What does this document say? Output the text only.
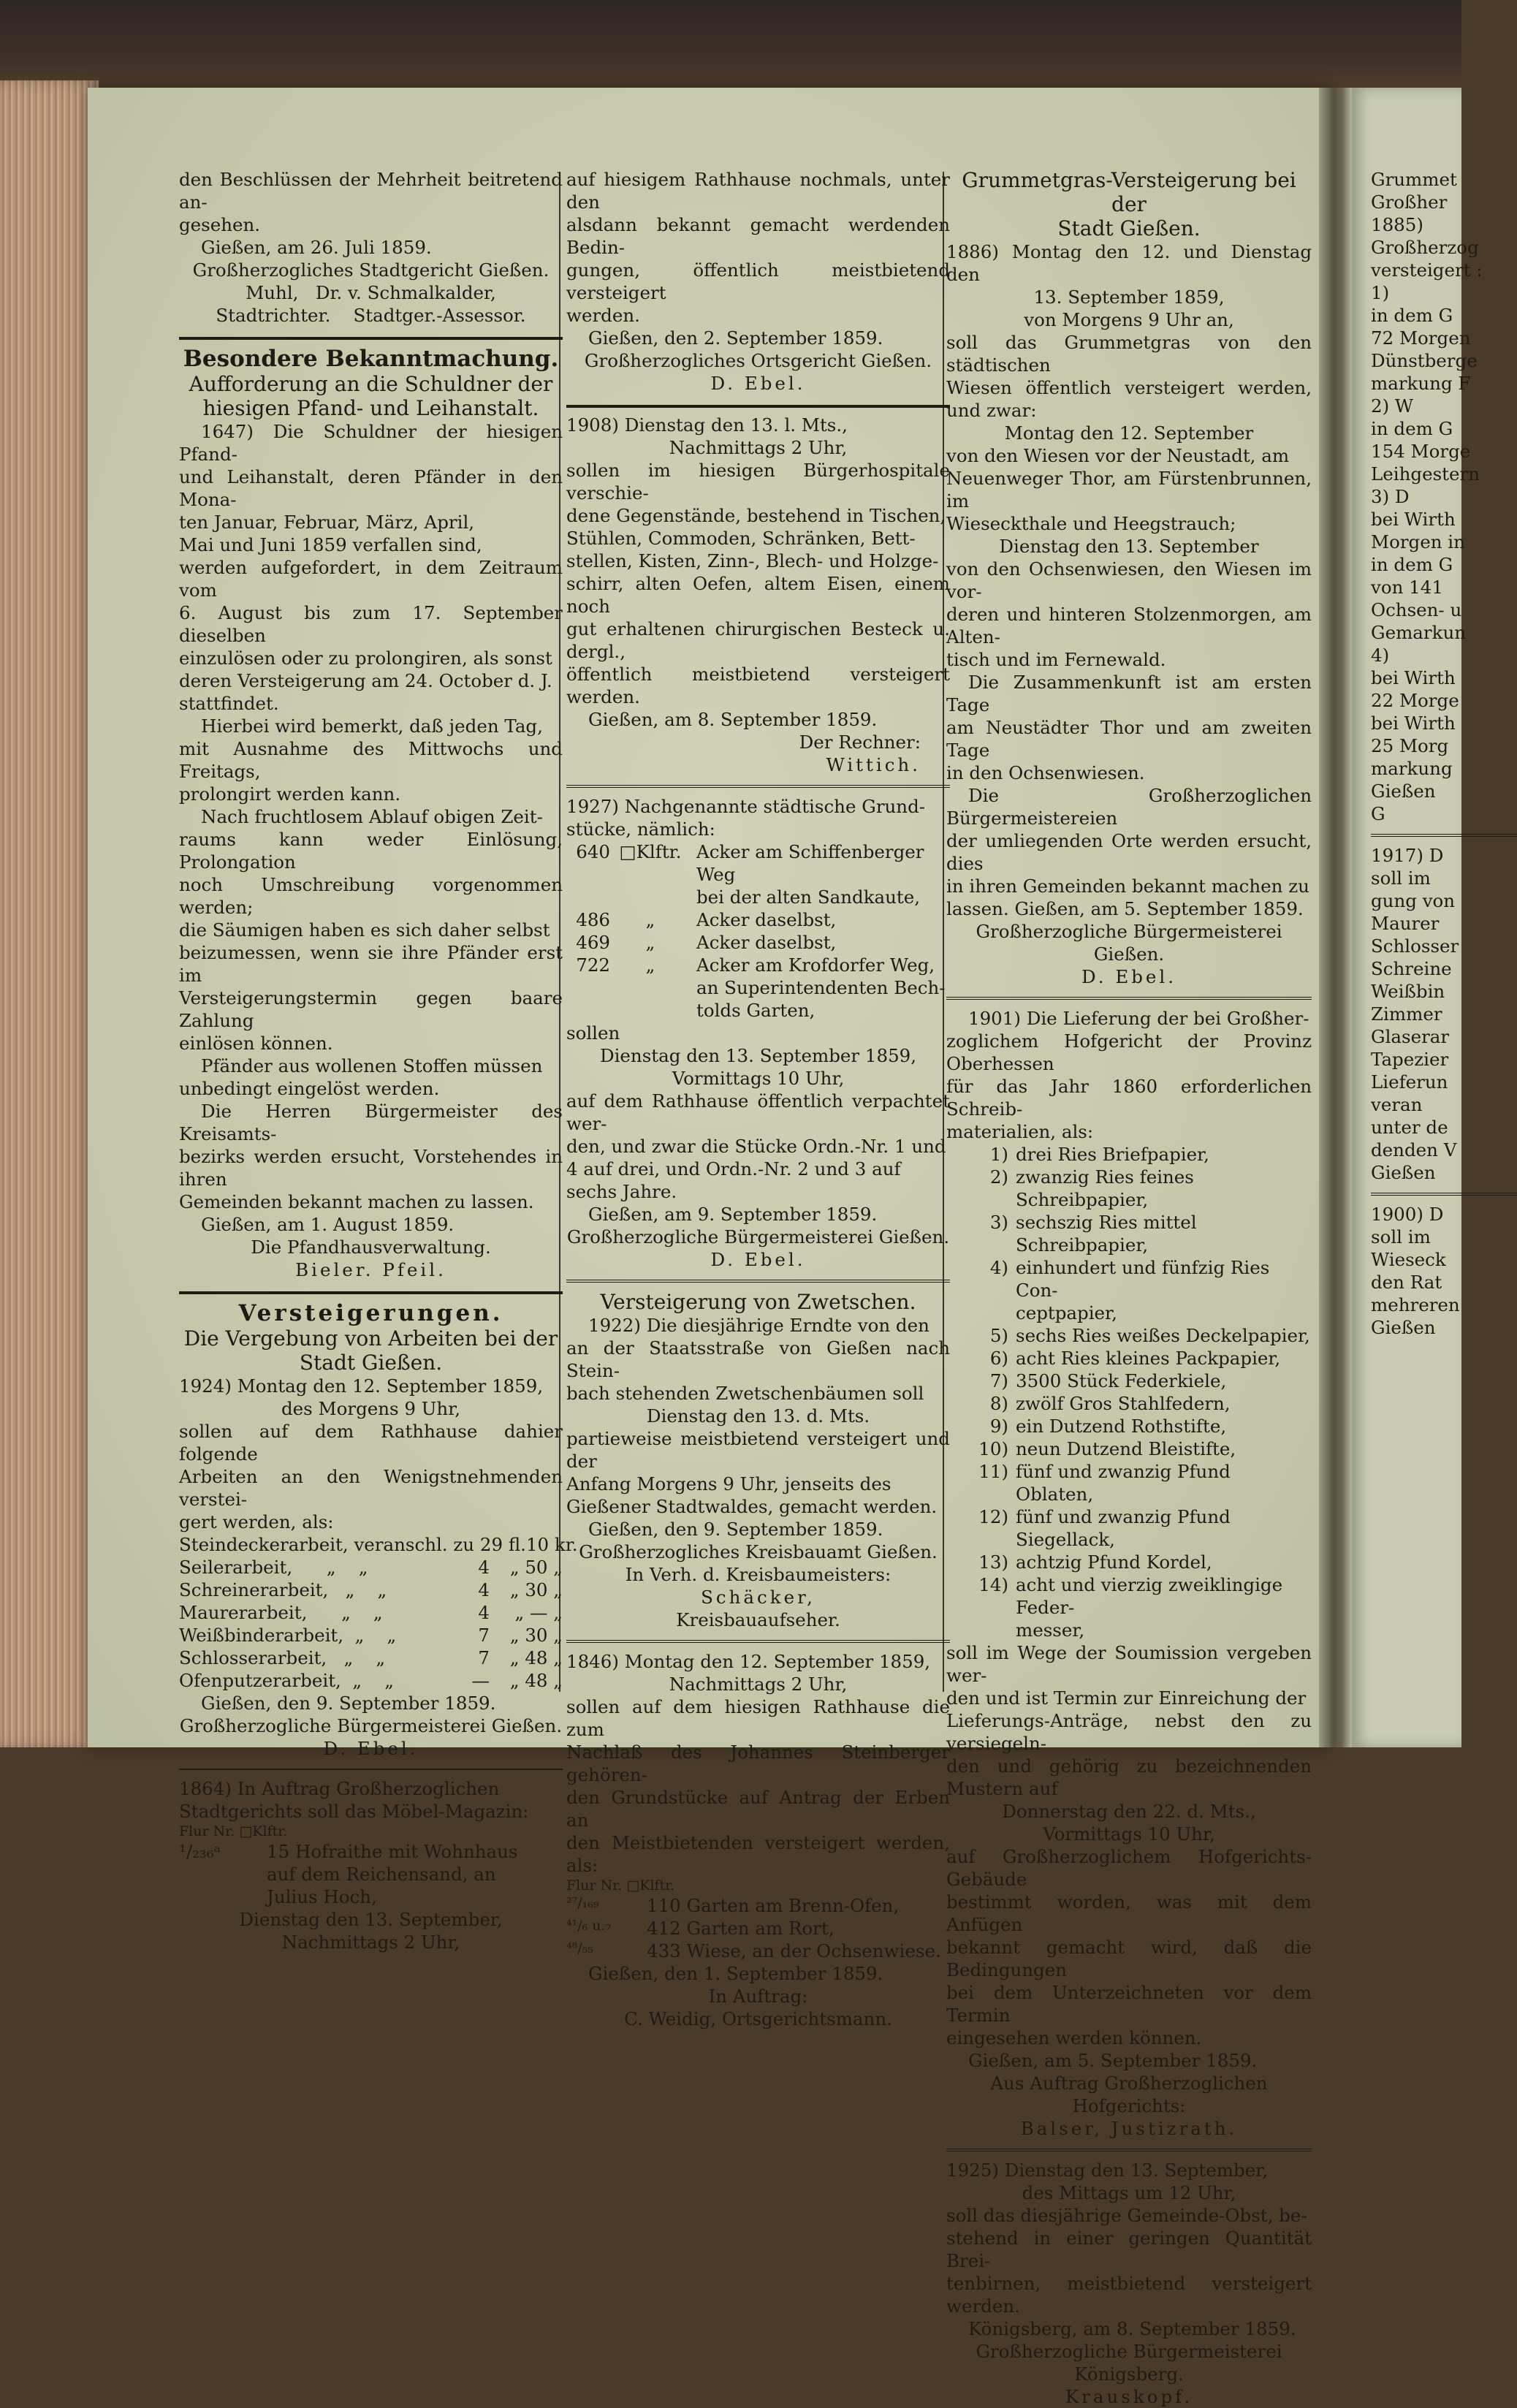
den Beschlüssen der Mehrheit beitretend an-

gesehen.

Gießen, am 26. Juli 1859.

Großherzogliches Stadtgericht Gießen.

Muhl,   Dr. v. Schmalkalder,

Stadtrichter.    Stadtger.-Assessor.

Besondere Bekanntmachung.

Aufforderung an die Schuldner der

hiesigen Pfand- und Leihanstalt.

1647) Die Schuldner der hiesigen Pfand-

und Leihanstalt, deren Pfänder in den Mona-

ten Januar, Februar, März, April,

Mai und Juni 1859 verfallen sind,

werden aufgefordert, in dem Zeitraum vom

6. August bis zum 17. September dieselben

einzulösen oder zu prolongiren, als sonst

deren Versteigerung am 24. October d. J.

stattfindet.

Hierbei wird bemerkt, daß jeden Tag,

mit Ausnahme des Mittwochs und Freitags,

prolongirt werden kann.

Nach fruchtlosem Ablauf obigen Zeit-

raums kann weder Einlösung, Prolongation

noch Umschreibung vorgenommen werden;

die Säumigen haben es sich daher selbst

beizumessen, wenn sie ihre Pfänder erst im

Versteigerungstermin gegen baare Zahlung

einlösen können.

Pfänder aus wollenen Stoffen müssen

unbedingt eingelöst werden.

Die Herren Bürgermeister des Kreisamts-

bezirks werden ersucht, Vorstehendes in ihren

Gemeinden bekannt machen zu lassen.

Gießen, am 1. August 1859.

Die Pfandhausverwaltung.

Bieler. Pfeil.

Versteigerungen.

Die Vergebung von Arbeiten bei der

Stadt Gießen.

1924) Montag den 12. September 1859,

des Morgens 9 Uhr,

sollen auf dem Rathhause dahier folgende

Arbeiten an den Wenigstnehmenden verstei-

gert werden, als:

Steindeckerarbeit, veranschl. zu 29 fl. 10 kr.
Seilerarbeit,      „    „	4	„ 50 „
Schreinerarbeit,   „    „	4	„ 30 „
Maurerarbeit,      „    „	4	„ — „
Weißbinderarbeit,  „    „	7	„ 30 „
Schlosserarbeit,   „    „	7	„ 48 „
Ofenputzerarbeit,  „    „	—	„ 48 „

Gießen, den 9. September 1859.

Großherzogliche Bürgermeisterei Gießen.

D. Ebel.

1864) In Auftrag Großherzoglichen

Stadtgerichts soll das Möbel-Magazin:

Flur Nr. □Klftr.

¹/₂₃₆ᵃ	15 Hofraithe mit Wohnhaus

auf dem Reichensand, an

Julius Hoch,

Dienstag den 13. September,

Nachmittags 2 Uhr,

auf hiesigem Rathhause nochmals, unter den

alsdann bekannt gemacht werdenden Bedin-

gungen, öffentlich meistbietend versteigert

werden.

Gießen, den 2. September 1859.

Großherzogliches Ortsgericht Gießen.

D. Ebel.

1908) Dienstag den 13. l. Mts.,

Nachmittags 2 Uhr,

sollen im hiesigen Bürgerhospitale verschie-

dene Gegenstände, bestehend in Tischen,

Stühlen, Commoden, Schränken, Bett-

stellen, Kisten, Zinn-, Blech- und Holzge-

schirr, alten Oefen, altem Eisen, einem noch

gut erhaltenen chirurgischen Besteck u. dergl.,

öffentlich meistbietend versteigert werden.

Gießen, am 8. September 1859.

Der Rechner:

Wittich.

1927) Nachgenannte städtische Grund-

stücke, nämlich:

640 □Klftr. Acker am Schiffenberger Weg
bei der alten Sandkaute,
486	„	Acker daselbst,
469	„	Acker daselbst,
722	„	Acker am Krofdorfer Weg,
an Superintendenten Bech-
tolds Garten,

sollen

Dienstag den 13. September 1859,

Vormittags 10 Uhr,

auf dem Rathhause öffentlich verpachtet wer-

den, und zwar die Stücke Ordn.-Nr. 1 und

4 auf drei, und Ordn.-Nr. 2 und 3 auf

sechs Jahre.

Gießen, am 9. September 1859.

Großherzogliche Bürgermeisterei Gießen.

D. Ebel.

Versteigerung von Zwetschen.

1922) Die diesjährige Erndte von den

an der Staatsstraße von Gießen nach Stein-

bach stehenden Zwetschenbäumen soll

Dienstag den 13. d. Mts.

partieweise meistbietend versteigert und der

Anfang Morgens 9 Uhr, jenseits des

Gießener Stadtwaldes, gemacht werden.

Gießen, den 9. September 1859.

Großherzogliches Kreisbauamt Gießen.

In Verh. d. Kreisbaumeisters:

Schäcker,

Kreisbauaufseher.

1846) Montag den 12. September 1859,

Nachmittags 2 Uhr,

sollen auf dem hiesigen Rathhause die zum

Nachlaß des Johannes Steinberger gehören-

den Grundstücke auf Antrag der Erben an

den Meistbietenden versteigert werden, als:

Flur Nr. □Klftr.

²⁷/₁₆₉	110 Garten am Brenn-Ofen,
⁴¹/₆ u.₇	412 Garten am Rort,
⁴⁸/₅₅	433 Wiese, an der Ochsenwiese.

Gießen, den 1. September 1859.

In Auftrag:

C. Weidig, Ortsgerichtsmann.

Grummetgras-Versteigerung bei der

Stadt Gießen.

1886) Montag den 12. und Dienstag den

13. September 1859,

von Morgens 9 Uhr an,

soll das Grummetgras von den städtischen

Wiesen öffentlich versteigert werden, und zwar:

Montag den 12. September

von den Wiesen vor der Neustadt, am

Neuenweger Thor, am Fürstenbrunnen, im

Wieseckthale und Heegstrauch;

Dienstag den 13. September

von den Ochsenwiesen, den Wiesen im vor-

deren und hinteren Stolzenmorgen, am Alten-

tisch und im Fernewald.

Die Zusammenkunft ist am ersten Tage

am Neustädter Thor und am zweiten Tage

in den Ochsenwiesen.

Die Großherzoglichen Bürgermeistereien

der umliegenden Orte werden ersucht, dies

in ihren Gemeinden bekannt machen zu

lassen. Gießen, am 5. September 1859.

Großherzogliche Bürgermeisterei Gießen.

D. Ebel.

1901) Die Lieferung der bei Großher-

zoglichem Hofgericht der Provinz Oberhessen

für das Jahr 1860 erforderlichen Schreib-

materialien, als:

1) drei Ries Briefpapier,
2) zwanzig Ries feines Schreibpapier,
3) sechszig Ries mittel Schreibpapier,
4) einhundert und fünfzig Ries Con-
ceptpapier,
5) sechs Ries weißes Deckelpapier,
6) acht Ries kleines Packpapier,
7) 3500 Stück Federkiele,
8) zwölf Gros Stahlfedern,
9) ein Dutzend Rothstifte,
10) neun Dutzend Bleistifte,
11) fünf und zwanzig Pfund Oblaten,
12) fünf und zwanzig Pfund Siegellack,
13) achtzig Pfund Kordel,
14) acht und vierzig zweiklingige Feder-
messer,

soll im Wege der Soumission vergeben wer-

den und ist Termin zur Einreichung der

Lieferungs-Anträge, nebst den zu versiegeln-

den und gehörig zu bezeichnenden Mustern auf

Donnerstag den 22. d. Mts.,

Vormittags 10 Uhr,

auf Großherzoglichem Hofgerichts-Gebäude

bestimmt worden, was mit dem Anfügen

bekannt gemacht wird, daß die Bedingungen

bei dem Unterzeichneten vor dem Termin

eingesehen werden können.

Gießen, am 5. September 1859.

Aus Auftrag Großherzoglichen Hofgerichts:

Balser, Justizrath.

1925) Dienstag den 13. September,

des Mittags um 12 Uhr,

soll das diesjährige Gemeinde-Obst, be-

stehend in einer geringen Quantität Brei-

tenbirnen, meistbietend versteigert werden.

Königsberg, am 8. September 1859.

Großherzogliche Bürgermeisterei Königsberg.

Krauskopf.

Grummet

Großher

1885)

Großherzog

versteigert :

1)

in dem G

72 Morgen

Dünstberge

markung F

2) W

in dem G

154 Morge

Leihgestern

3) D

bei Wirth

Morgen in

in dem G

von 141

Ochsen- u

Gemarkun

4)

bei Wirth

22 Morge

bei Wirth

25 Morg

markung

Gießen

G

1917) D

soll im

gung von

Maurer

Schlosser

Schreine

Weißbin

Zimmer

Glaserar

Tapezier

Lieferun

veran

unter de

denden V

Gießen

1900) D

soll im

Wieseck

den Rat

mehreren

Gießen
